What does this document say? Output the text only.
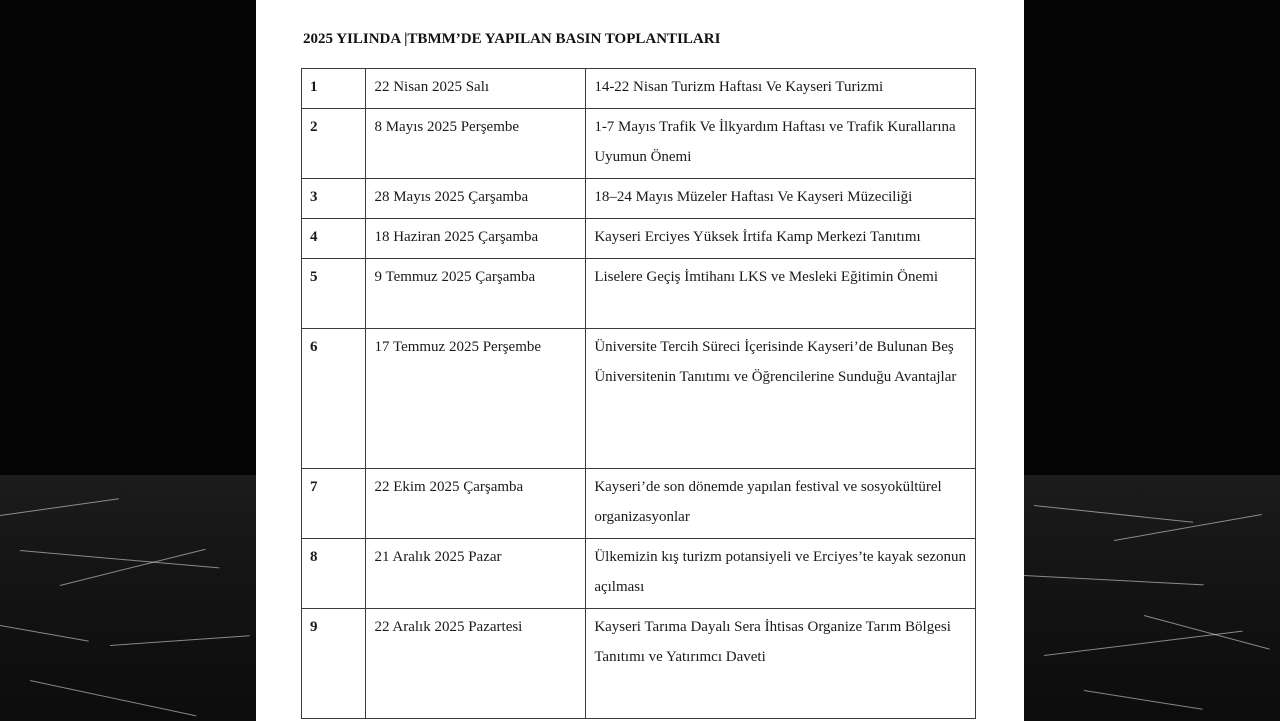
2025 YILINDA |TBMM’DE YAPILAN BASIN TOPLANTILARI
1	22 Nisan 2025 Salı	14-22 Nisan Turizm Haftası Ve Kayseri Turizmi
2	8 Mayıs 2025 Perşembe	1-7 Mayıs Trafik Ve İlkyardım Haftası ve Trafik Kurallarına Uyumun Önemi
3	28 Mayıs 2025 Çarşamba	18–24 Mayıs Müzeler Haftası Ve Kayseri Müzeciliği
4	18 Haziran 2025 Çarşamba	Kayseri Erciyes Yüksek İrtifa Kamp Merkezi Tanıtımı
5	9 Temmuz 2025 Çarşamba	Liselere Geçiş İmtihanı LKS ve Mesleki Eğitimin Önemi
6	17 Temmuz 2025 Perşembe	Üniversite Tercih Süreci İçerisinde Kayseri’de Bulunan Beş Üniversitenin Tanıtımı ve Öğrencilerine Sunduğu Avantajlar
7	22 Ekim 2025 Çarşamba	Kayseri’de son dönemde yapılan festival ve sosyokültürel organizasyonlar
8	21 Aralık 2025 Pazar	Ülkemizin kış turizm potansiyeli ve Erciyes’te kayak sezonun açılması
9	22 Aralık 2025 Pazartesi	Kayseri Tarıma Dayalı Sera İhtisas Organize Tarım Bölgesi Tanıtımı ve Yatırımcı Daveti
